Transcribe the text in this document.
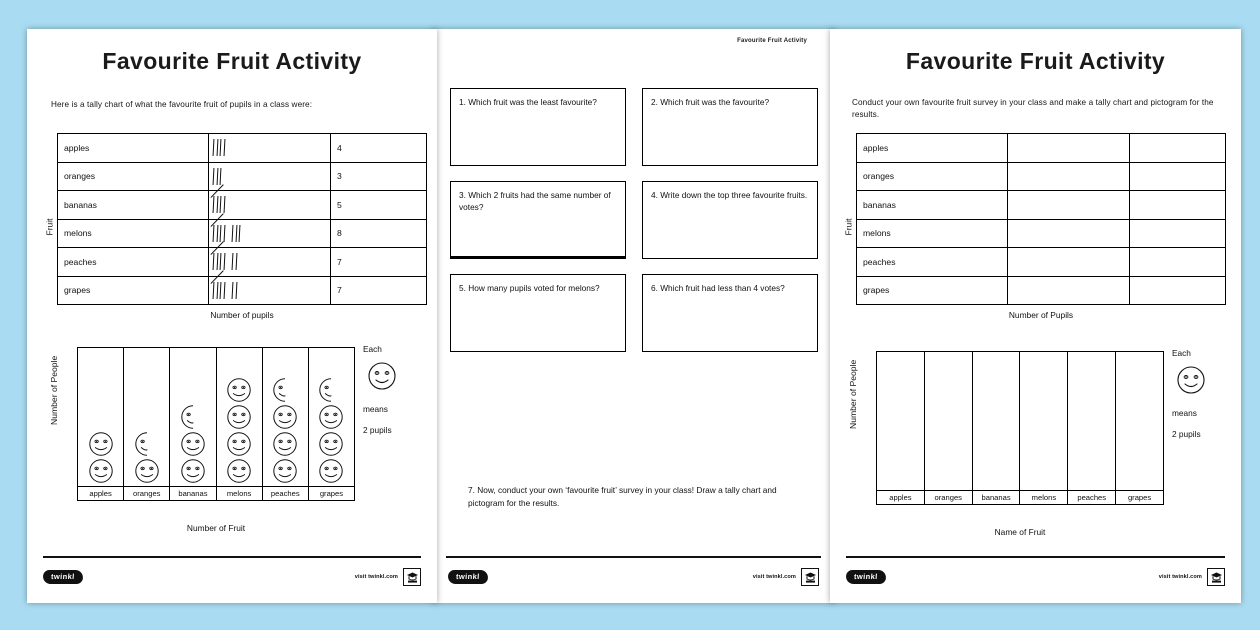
Favourite Fruit Activity
Here is a tally chart of what the favourite fruit of pupils in a class were:
Fruit
apples		4
oranges		3
bananas		5
melons		8
peaches		7
grapes		7
Number of pupils
Number of People
apples	oranges	bananas	melons	peaches	grapes
Number of Fruit
Each
means
2 pupils
twinkl	visit twinkl.com
Favourite Fruit Activity
1. Which fruit was the least favourite?	2. Which fruit was the favourite?
3. Which 2 fruits had the same number of votes?
4. Write down the top three favourite fruits.
5. How many pupils voted for melons?	6. Which fruit had less than 4 votes?
7. Now, conduct your own ‘favourite fruit’ survey in your class! Draw a tally chart and pictogram for the results.
twinkl	visit twinkl.com
Favourite Fruit Activity
Conduct your own favourite fruit survey in your class and make a tally chart and pictogram for the results.
Fruit
apples		
oranges		
bananas		
melons		
peaches		
grapes		
Number of Pupils
Number of People
apples	oranges	bananas	melons	peaches	grapes
Name of Fruit
Each
means
2 pupils
twinkl	visit twinkl.com
